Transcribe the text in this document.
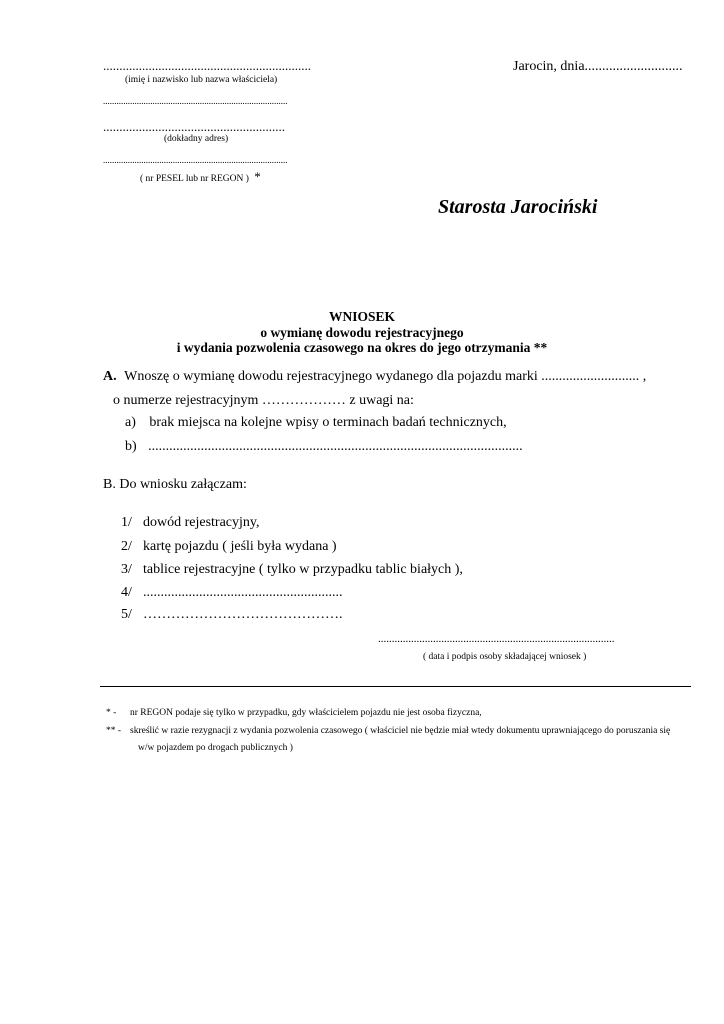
................................................................
(imię i nazwisko lub nazwa właściciela)
..................................................................................
........................................................
(dokładny adres)
..................................................................................
( nr PESEL lub nr REGON ) *
Jarocin, dnia............................
Starosta Jarociński
WNIOSEK
o wymianę dowodu rejestracyjnego
i wydania pozwolenia czasowego na okres do jego otrzymania **
A. Wnoszę o wymianę dowodu rejestracyjnego wydanego dla pojazdu marki ............................ ,
o numerze rejestracyjnym ……………… z uwagi na:
a) brak miejsca na kolejne wpisy o terminach badań technicznych,
b) ...........................................................................................................
B. Do wniosku załączam:
1/ dowód rejestracyjny,
2/ kartę pojazdu ( jeśli była wydana )
3/ tablice rejestracyjne ( tylko w przypadku tablic białych ),
4/ .........................................................
5/ …………………………………….
......................................................................................
( data i podpis osoby składającej wniosek )
* - nr REGON podaje się tylko w przypadku, gdy właścicielem pojazdu nie jest osoba fizyczna,
** - skreślić w razie rezygnacji z wydania pozwolenia czasowego ( właściciel nie będzie miał wtedy dokumentu uprawniającego do poruszania się
w/w pojazdem po drogach publicznych )
